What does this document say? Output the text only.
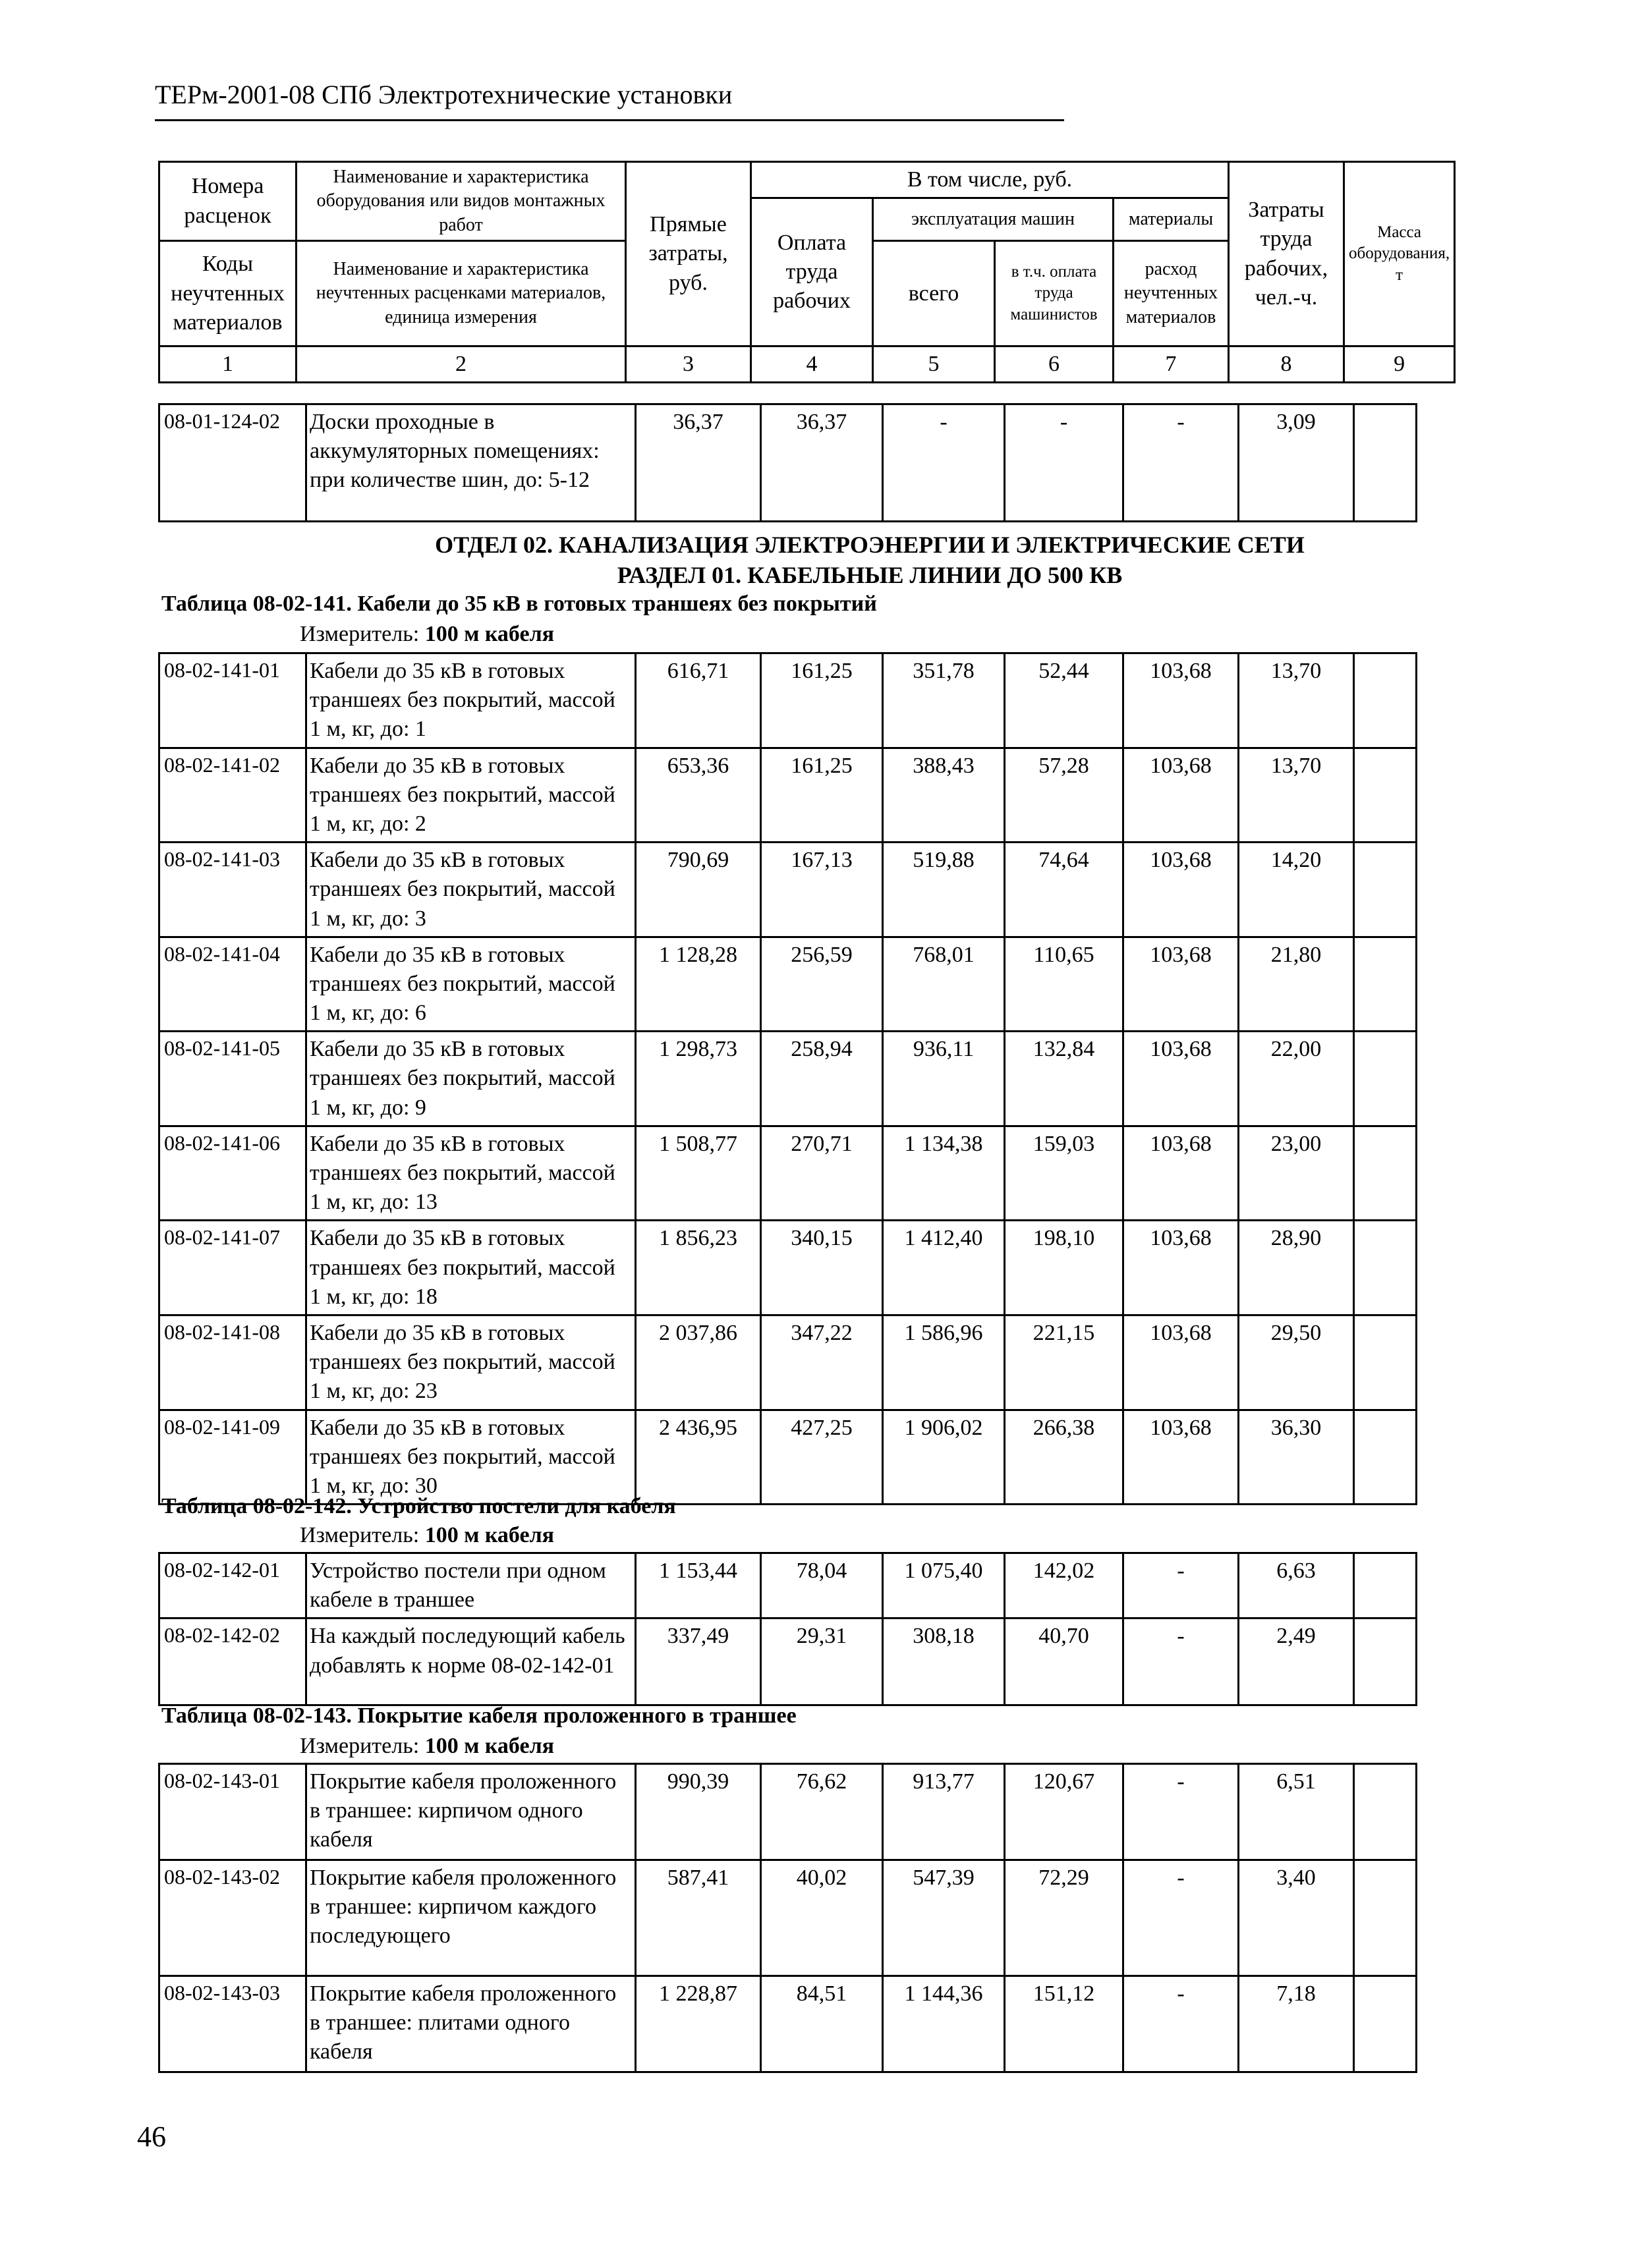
ТЕРм-2001-08 СПб Электротехнические установки
Номера расценок	Наименование и характеристика оборудования или видов монтажных работ	Прямые затраты, руб.	В том числе, руб.				Затраты труда рабочих, чел.-ч.	Масса оборудования, т
			Оплата труда рабочих	эксплуатация машин		материалы		
Коды неучтенных материалов	Наименование и характеристика неучтенных расценками материалов, единица измерения			всего	в т.ч. оплата труда машинистов	расход неучтенных материалов		

1	2	3	4	5	6	7	8	9
08-01-124-02	Доски проходные в аккумуляторных помещениях: при количестве шин, до: 5-12	36,37	36,37	-	-	-	3,09	
ОТДЕЛ 02. КАНАЛИЗАЦИЯ ЭЛЕКТРОЭНЕРГИИ И ЭЛЕКТРИЧЕСКИЕ СЕТИ
РАЗДЕЛ 01. КАБЕЛЬНЫЕ ЛИНИИ ДО 500 КВ
Таблица 08-02-141. Кабели до 35 кВ в готовых траншеях без покрытий
Измеритель: 100 м кабеля
08-02-141-01	Кабели до 35 кВ в готовых траншеях без покрытий, массой 1 м, кг, до: 1	616,71	161,25	351,78	52,44	103,68	13,70	
08-02-141-02	Кабели до 35 кВ в готовых траншеях без покрытий, массой 1 м, кг, до: 2	653,36	161,25	388,43	57,28	103,68	13,70	
08-02-141-03	Кабели до 35 кВ в готовых траншеях без покрытий, массой 1 м, кг, до: 3	790,69	167,13	519,88	74,64	103,68	14,20	
08-02-141-04	Кабели до 35 кВ в готовых траншеях без покрытий, массой 1 м, кг, до: 6	1 128,28	256,59	768,01	110,65	103,68	21,80	
08-02-141-05	Кабели до 35 кВ в готовых траншеях без покрытий, массой 1 м, кг, до: 9	1 298,73	258,94	936,11	132,84	103,68	22,00	
08-02-141-06	Кабели до 35 кВ в готовых траншеях без покрытий, массой 1 м, кг, до: 13	1 508,77	270,71	1 134,38	159,03	103,68	23,00	
08-02-141-07	Кабели до 35 кВ в готовых траншеях без покрытий, массой 1 м, кг, до: 18	1 856,23	340,15	1 412,40	198,10	103,68	28,90	
08-02-141-08	Кабели до 35 кВ в готовых траншеях без покрытий, массой 1 м, кг, до: 23	2 037,86	347,22	1 586,96	221,15	103,68	29,50	
08-02-141-09	Кабели до 35 кВ в готовых траншеях без покрытий, массой 1 м, кг, до: 30	2 436,95	427,25	1 906,02	266,38	103,68	36,30	
Таблица 08-02-142. Устройство постели для кабеля
Измеритель: 100 м кабеля
08-02-142-01	Устройство постели при одном кабеле в траншее	1 153,44	78,04	1 075,40	142,02	-	6,63	
08-02-142-02	На каждый последующий кабель добавлять к норме 08-02-142-01	337,49	29,31	308,18	40,70	-	2,49	
Таблица 08-02-143. Покрытие кабеля проложенного в траншее
Измеритель: 100 м кабеля
08-02-143-01	Покрытие кабеля проложенного в траншее: кирпичом одного кабеля	990,39	76,62	913,77	120,67	-	6,51	
08-02-143-02	Покрытие кабеля проложенного в траншее: кирпичом каждого последующего	587,41	40,02	547,39	72,29	-	3,40	
08-02-143-03	Покрытие кабеля проложенного в траншее: плитами одного кабеля	1 228,87	84,51	1 144,36	151,12	-	7,18	
46
